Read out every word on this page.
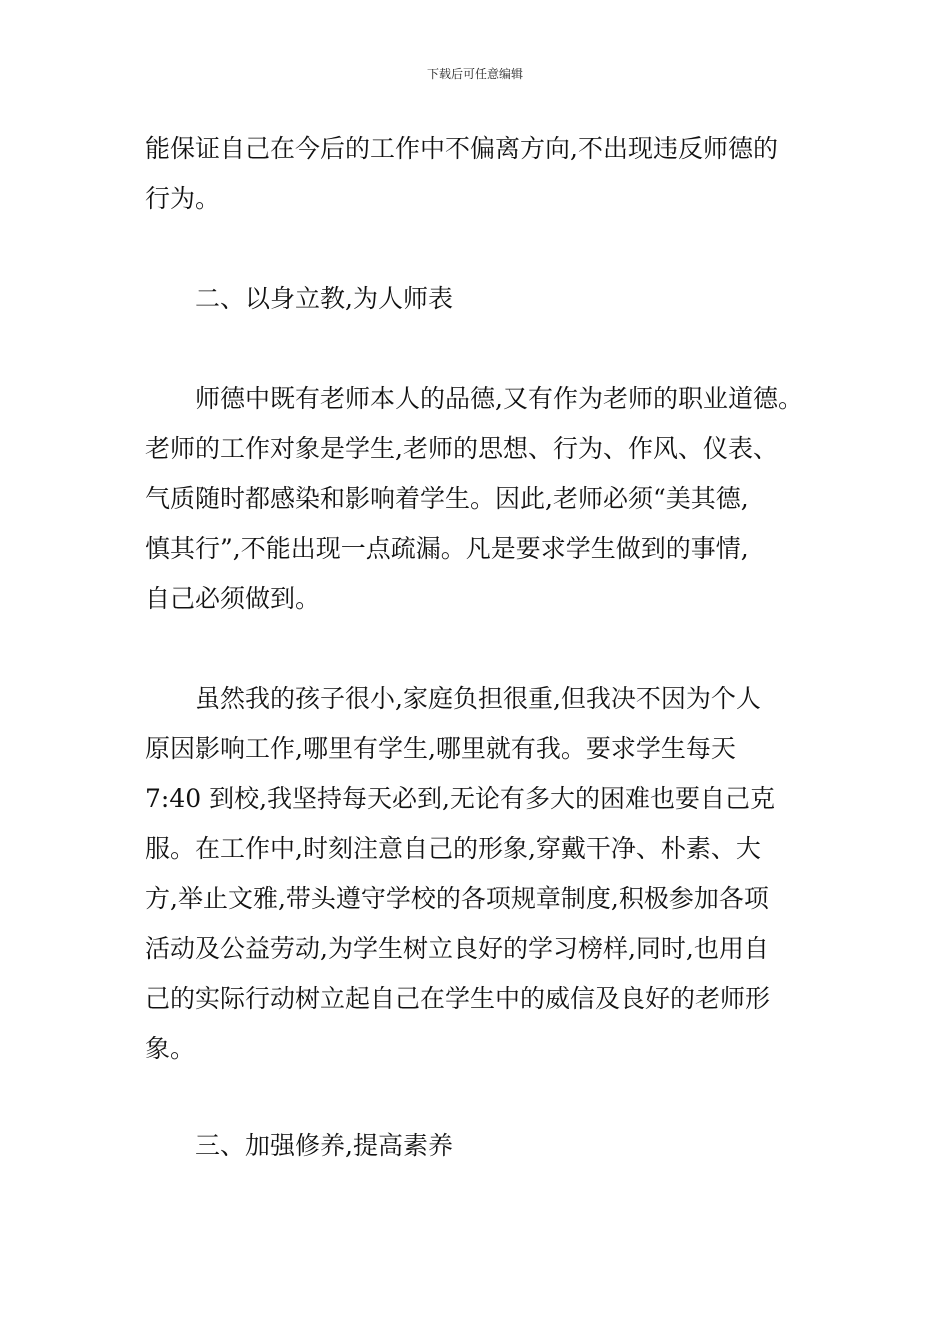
下载后可任意编辑
能保证自己在今后的工作中不偏离方向,不出现违反师德的
行为。
二、以身立教,为人师表
师德中既有老师本人的品德,又有作为老师的职业道德。
老师的工作对象是学生,老师的思想、行为、作风、仪表、
气质随时都感染和影响着学生。因此,老师必须“美其德,
慎其行”,不能出现一点疏漏。凡是要求学生做到的事情,
自己必须做到。
虽然我的孩子很小,家庭负担很重,但我决不因为个人
原因影响工作,哪里有学生,哪里就有我。要求学生每天
7:40 到校,我坚持每天必到,无论有多大的困难也要自己克
服。在工作中,时刻注意自己的形象,穿戴干净、朴素、大
方,举止文雅,带头遵守学校的各项规章制度,积极参加各项
活动及公益劳动,为学生树立良好的学习榜样,同时,也用自
己的实际行动树立起自己在学生中的威信及良好的老师形
象。
三、加强修养,提高素养
